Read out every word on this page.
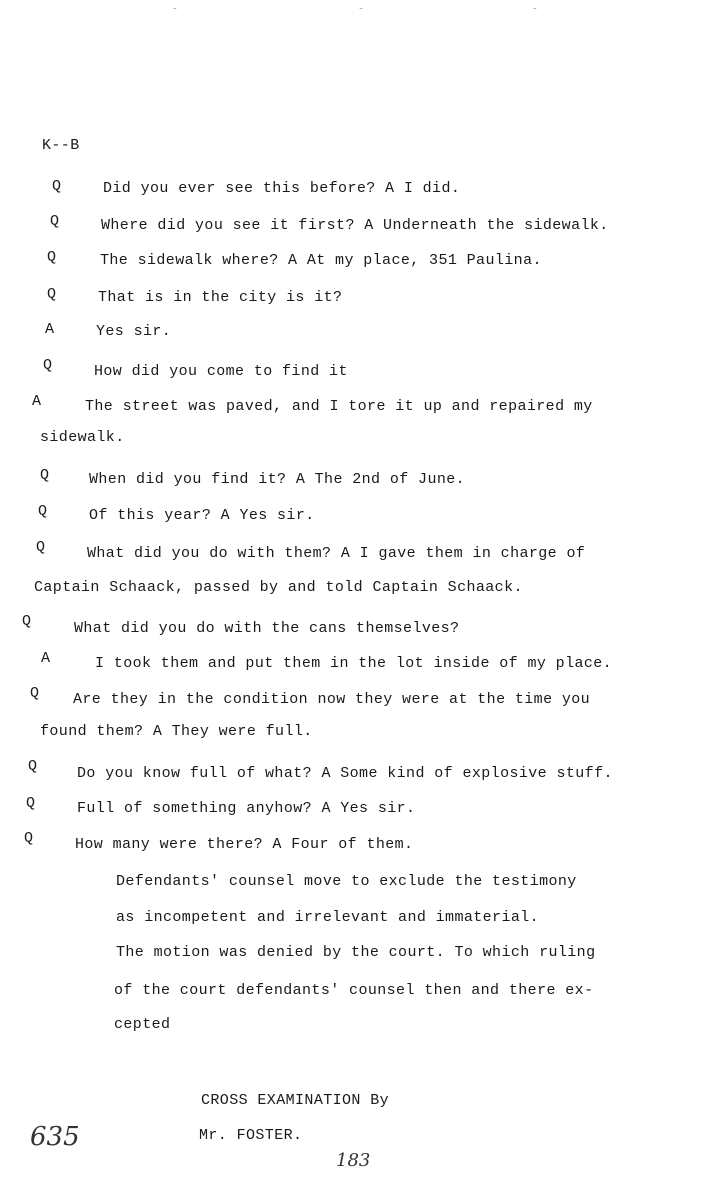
˘	˘	˘
K--B
Q	Did you ever see this before? A I did.
Q	Where did you see it first? A Underneath the sidewalk.
Q	The sidewalk where? A At my place, 351 Paulina.
Q	That is in the city is it?
A	Yes sir.
Q	How did you come to find it
A	The street was paved, and I tore it up and repaired my
sidewalk.
Q	When did you find it? A The 2nd of June.
Q	Of this year? A Yes sir.
Q	What did you do with them? A I gave them in charge of
Captain Schaack, passed by and told Captain Schaack.
Q	What did you do with the cans themselves?
A	I took them and put them in the lot inside of my place.
Q Are they in the condition now they were at the time you
found them? A They were full.
Q	Do you know full of what? A Some kind of explosive stuff.
Q	Full of something anyhow? A Yes sir.
Q	How many were there? A Four of them.
Defendants' counsel move to exclude the testimony
as incompetent and irrelevant and immaterial.
The motion was denied by the court. To which ruling
of the court defendants' counsel then and there ex-
cepted
CROSS EXAMINATION By
Mr. FOSTER.
635
183
